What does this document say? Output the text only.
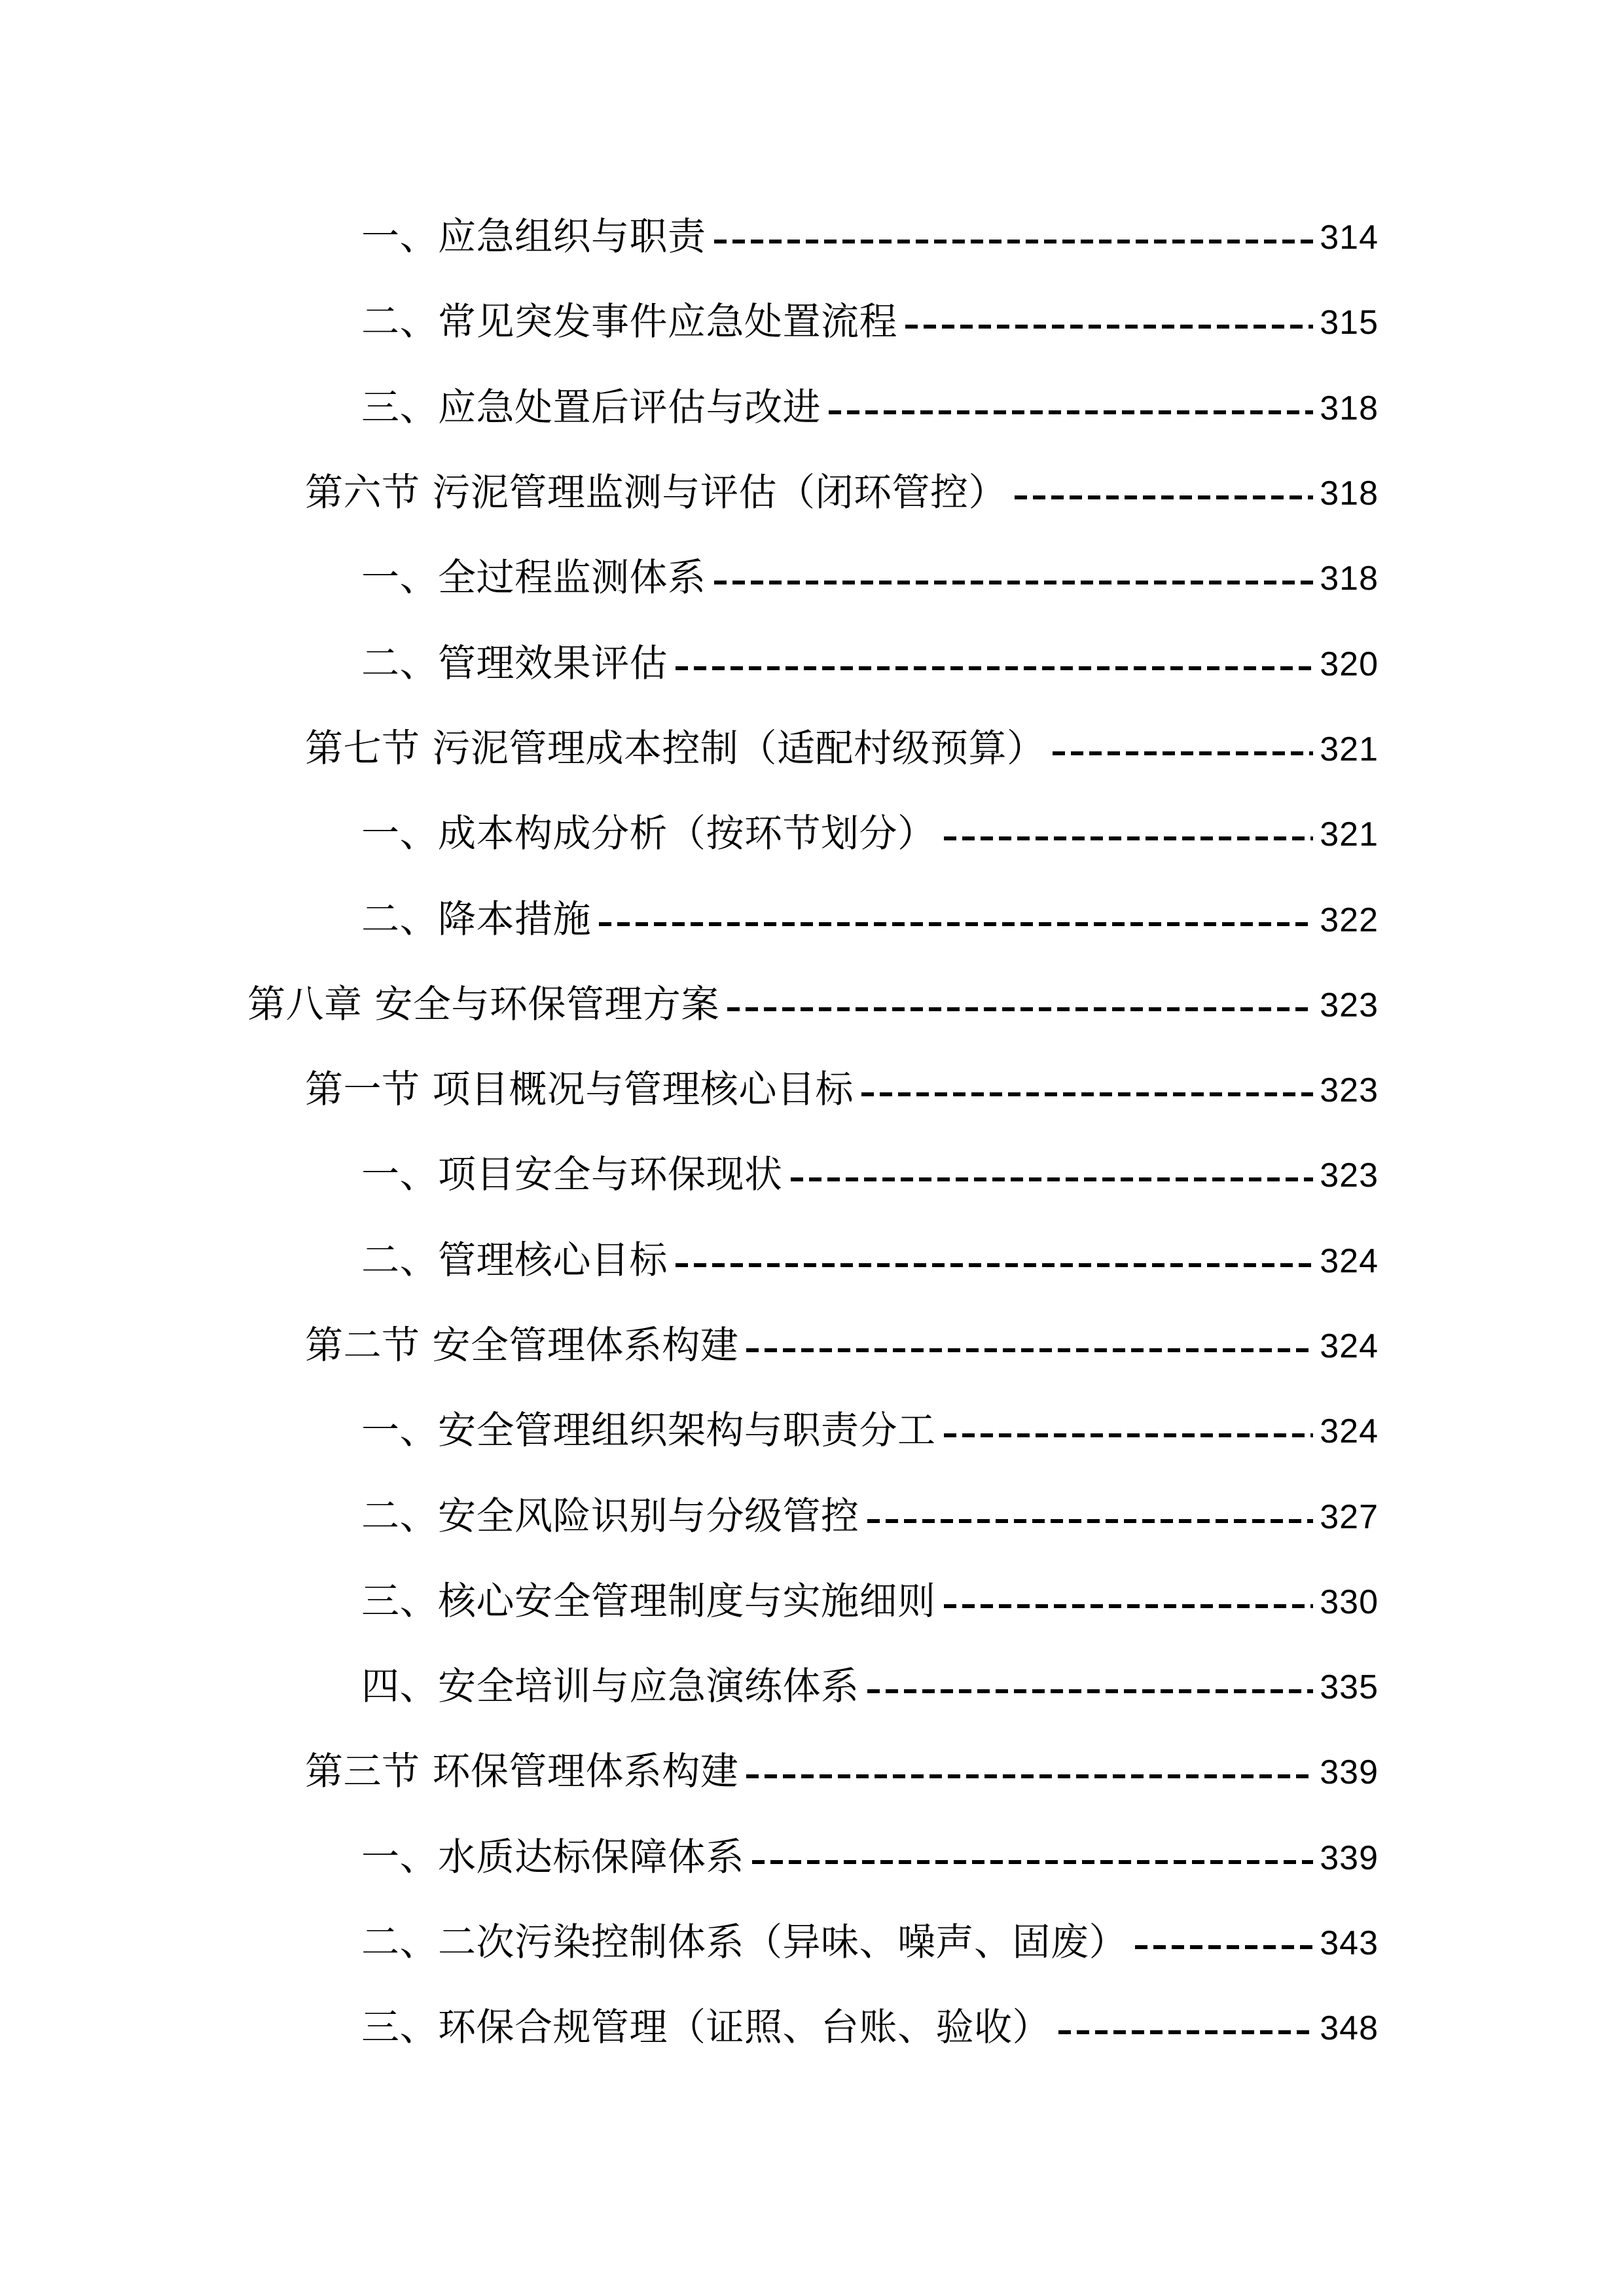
一、应急组织与职责	314
二、常见突发事件应急处置流程	315
三、应急处置后评估与改进	318
第六节 污泥管理监测与评估（闭环管控）	318
一、全过程监测体系	318
二、管理效果评估	320
第七节 污泥管理成本控制（适配村级预算）	321
一、成本构成分析（按环节划分）	321
二、降本措施	322
第八章 安全与环保管理方案	323
第一节 项目概况与管理核心目标	323
一、项目安全与环保现状	323
二、管理核心目标	324
第二节 安全管理体系构建	324
一、安全管理组织架构与职责分工	324
二、安全风险识别与分级管控	327
三、核心安全管理制度与实施细则	330
四、安全培训与应急演练体系	335
第三节 环保管理体系构建	339
一、水质达标保障体系	339
二、二次污染控制体系（异味、噪声、固废）	343
三、环保合规管理（证照、台账、验收）	348
